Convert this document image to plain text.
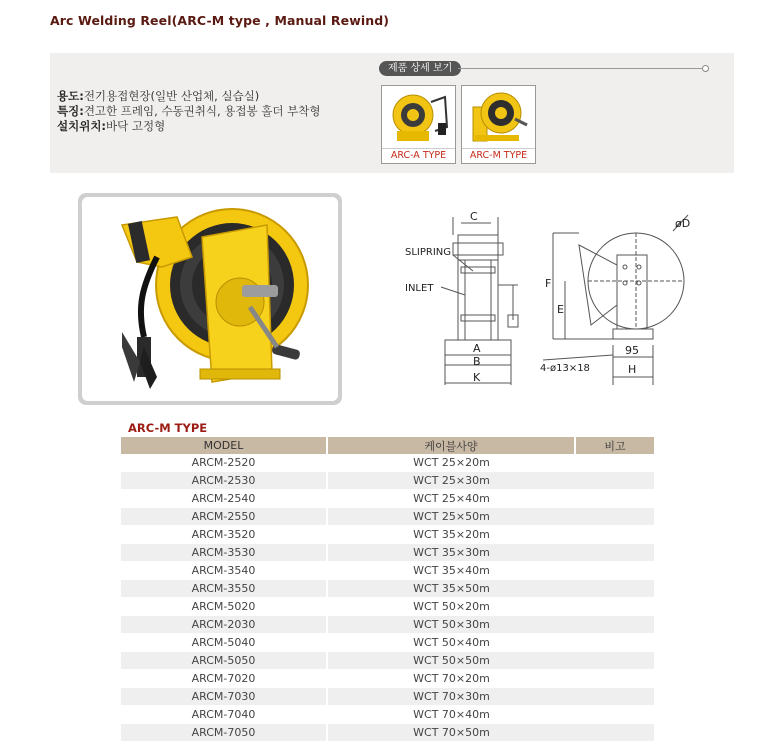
Arc Welding Reel(ARC-M type , Manual Rewind)
용도:전기용접현장(일반 산업체, 실습실)
특징:견고한 프레임, 수동권취식, 용접봉 홀더 부착형
설치위치:바닥 고정형
제품 상세 보기
ARC-A TYPE	ARC-M TYPE
C
SLIPRING
INLET
A
B
K
øD
F
E
4-ø13×18
95
H
ARC-M TYPE
MODEL	케이블사양	비고
ARCM-2520	WCT 25×20m	
ARCM-2530	WCT 25×30m	
ARCM-2540	WCT 25×40m	
ARCM-2550	WCT 25×50m	
ARCM-3520	WCT 35×20m	
ARCM-3530	WCT 35×30m	
ARCM-3540	WCT 35×40m	
ARCM-3550	WCT 35×50m	
ARCM-5020	WCT 50×20m	
ARCM-2030	WCT 50×30m	
ARCM-5040	WCT 50×40m	
ARCM-5050	WCT 50×50m	
ARCM-7020	WCT 70×20m	
ARCM-7030	WCT 70×30m	
ARCM-7040	WCT 70×40m	
ARCM-7050	WCT 70×50m	
